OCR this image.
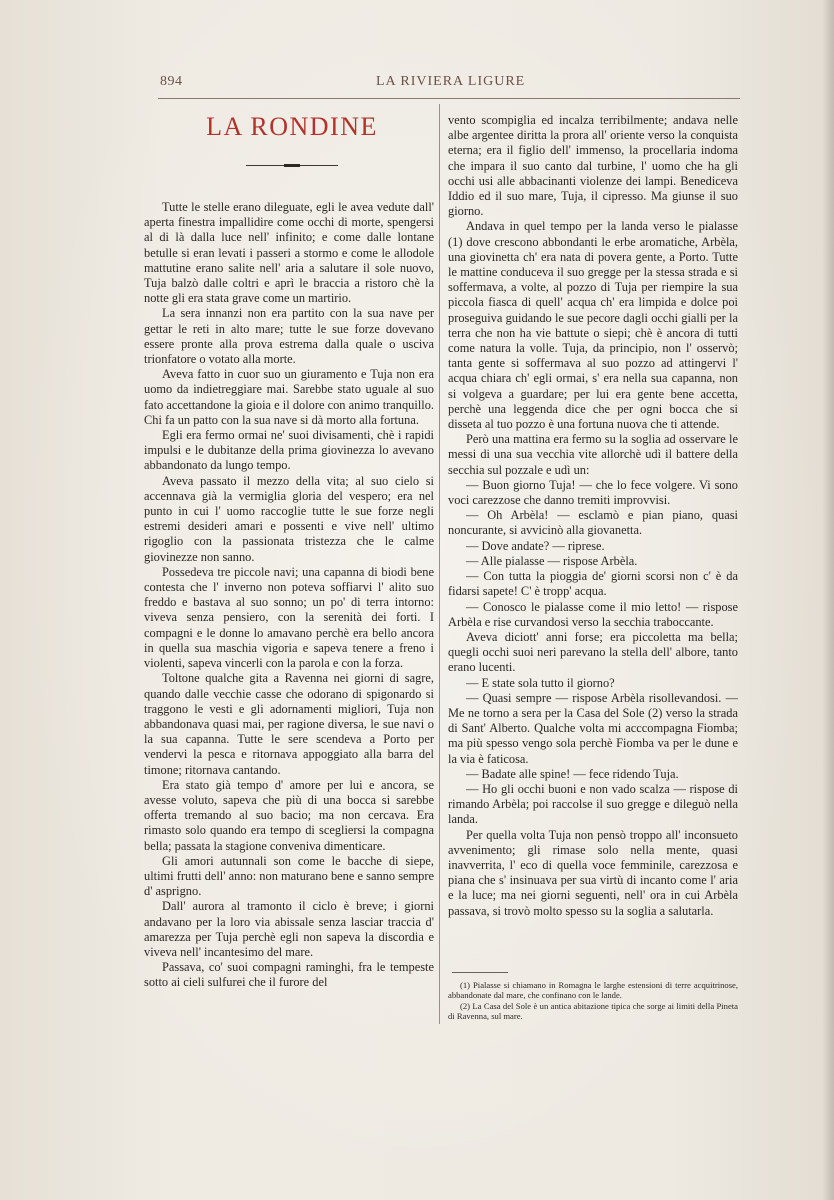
894	LA RIVIERA LIGURE
LA RONDINE

Tutte le stelle erano dileguate, egli le avea vedute dall' aperta finestra impallidire come occhi di morte, spengersi al di là dalla luce nell' infinito; e come dalle lontane betulle si eran levati i passeri a stormo e come le allodole mattutine erano salite nell' aria a salutare il sole nuovo, Tuja balzò dalle coltri e aprì le braccia a ristoro chè la notte gli era stata grave come un martirio.

La sera innanzi non era partito con la sua nave per gettar le reti in alto mare; tutte le sue forze dovevano essere pronte alla prova estrema dalla quale o usciva trionfatore o votato alla morte.

Aveva fatto in cuor suo un giuramento e Tuja non era uomo da indietreggiare mai. Sarebbe stato uguale al suo fato accettandone la gioia e il dolore con animo tranquillo. Chi fa un patto con la sua nave si dà morto alla fortuna.

Egli era fermo ormai ne' suoi divisamenti, chè i rapidi impulsi e le dubitanze della prima giovinezza lo avevano abbandonato da lungo tempo.

Aveva passato il mezzo della vita; al suo cielo si accennava già la vermiglia gloria del vespero; era nel punto in cui l' uomo raccoglie tutte le sue forze negli estremi desideri amari e possenti e vive nell' ultimo rigoglio con la passionata tristezza che le calme giovinezze non sanno.

Possedeva tre piccole navi; una capanna di biodi bene contesta che l' inverno non poteva soffiarvi l' alito suo freddo e bastava al suo sonno; un po' di terra intorno: viveva senza pensiero, con la serenità dei forti. I compagni e le donne lo amavano perchè era bello ancora in quella sua maschia vigoria e sapeva tenere a freno i violenti, sapeva vincerli con la parola e con la forza.

Toltone qualche gita a Ravenna nei giorni di sagre, quando dalle vecchie casse che odorano di spigonardo si traggono le vesti e gli adornamenti migliori, Tuja non abbandonava quasi mai, per ragione diversa, le sue navi o la sua capanna. Tutte le sere scendeva a Porto per vendervi la pesca e ritornava appoggiato alla barra del timone; ritornava cantando.

Era stato già tempo d' amore per lui e ancora, se avesse voluto, sapeva che più di una bocca si sarebbe offerta tremando al suo bacio; ma non cercava. Era rimasto solo quando era tempo di scegliersi la compagna bella; passata la stagione conveniva dimenticare.

Gli amori autunnali son come le bacche di siepe, ultimi frutti dell' anno: non maturano bene e sanno sempre d' asprigno.

Dall' aurora al tramonto il ciclo è breve; i giorni andavano per la loro via abissale senza lasciar traccia d' amarezza per Tuja perchè egli non sapeva la discordia e viveva nell' incantesimo del mare.

Passava, co' suoi compagni raminghi, fra le tempeste sotto ai cieli sulfurei che il furore del

vento scompiglia ed incalza terribilmente; andava nelle albe argentee diritta la prora all' oriente verso la conquista eterna; era il figlio dell' immenso, la procellaria indoma che impara il suo canto dal turbine, l' uomo che ha gli occhi usi alle abbacinanti violenze dei lampi. Benediceva Iddio ed il suo mare, Tuja, il cipresso. Ma giunse il suo giorno.

Andava in quel tempo per la landa verso le pialasse (1) dove crescono abbondanti le erbe aromatiche, Arbèla, una giovinetta ch' era nata di povera gente, a Porto. Tutte le mattine conduceva il suo gregge per la stessa strada e si soffermava, a volte, al pozzo di Tuja per riempire la sua piccola fiasca di quell' acqua ch' era limpida e dolce poi proseguiva guidando le sue pecore dagli occhi gialli per la terra che non ha vie battute o siepi; chè è ancora di tutti come natura la volle. Tuja, da principio, non l' osservò; tanta gente si soffermava al suo pozzo ad attingervi l' acqua chiara ch' egli ormai, s' era nella sua capanna, non si volgeva a guardare; per lui era gente bene accetta, perchè una leggenda dice che per ogni bocca che si disseta al tuo pozzo è una fortuna nuova che ti attende.

Però una mattina era fermo su la soglia ad osservare le messi di una sua vecchia vite allorchè udì il battere della secchia sul pozzale e udì un:

— Buon giorno Tuja! — che lo fece volgere. Vi sono voci carezzose che danno tremiti improvvisi.

— Oh Arbèla! — esclamò e pian piano, quasi noncurante, si avvicinò alla giovanetta.

— Dove andate? — riprese.

— Alle pialasse — rispose Arbèla.

— Con tutta la pioggia de' giorni scorsi non c' è da fidarsi sapete! C' è tropp' acqua.

— Conosco le pialasse come il mio letto! — rispose Arbèla e rise curvandosi verso la secchia traboccante.

Aveva diciott' anni forse; era piccoletta ma bella; quegli occhi suoi neri parevano la stella dell' albore, tanto erano lucenti.

— E state sola tutto il giorno?

— Quasi sempre — rispose Arbèla risollevandosi. — Me ne torno a sera per la Casa del Sole (2) verso la strada di Sant' Alberto. Qualche volta mi acccompagna Fiomba; ma più spesso vengo sola perchè Fiomba va per le dune e la via è faticosa.

— Badate alle spine! — fece ridendo Tuja.

— Ho gli occhi buoni e non vado scalza — rispose di rimando Arbèla; poi raccolse il suo gregge e dileguò nella landa.

Per quella volta Tuja non pensò troppo all' inconsueto avvenimento; gli rimase solo nella mente, quasi inavverrita, l' eco di quella voce femminile, carezzosa e piana che s' insinuava per sua virtù di incanto come l' aria e la luce; ma nei giorni seguenti, nell' ora in cui Arbèla passava, si trovò molto spesso su la soglia a salutarla.

(1) Pialasse si chiamano in Romagna le larghe estensioni di terre acquitrinose, abbandonate dal mare, che confinano con le lande.

(2) La Casa del Sole è un antica abitazione tipica che sorge ai limiti della Pineta di Ravenna, sul mare.
